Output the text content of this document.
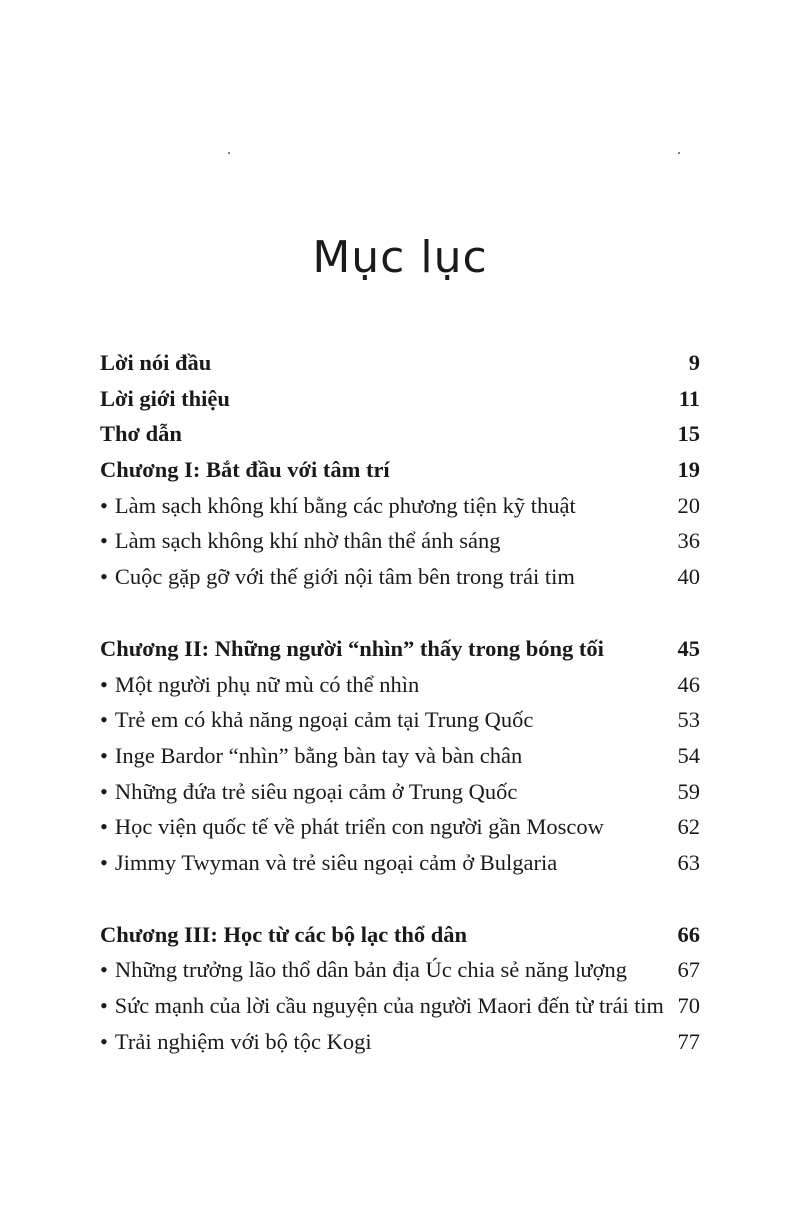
Mục lục
Lời nói đầu	9
Lời giới thiệu	11
Thơ dẫn	15
Chương I: Bắt đầu với tâm trí	19
• Làm sạch không khí bằng các phương tiện kỹ thuật	20
• Làm sạch không khí nhờ thân thể ánh sáng	36
• Cuộc gặp gỡ với thế giới nội tâm bên trong trái tim	40
Chương II: Những người “nhìn” thấy trong bóng tối	45
• Một người phụ nữ mù có thể nhìn	46
• Trẻ em có khả năng ngoại cảm tại Trung Quốc	53
• Inge Bardor “nhìn” bằng bàn tay và bàn chân	54
• Những đứa trẻ siêu ngoại cảm ở Trung Quốc	59
• Học viện quốc tế về phát triển con người gần Moscow	62
• Jimmy Twyman và trẻ siêu ngoại cảm ở Bulgaria	63
Chương III: Học từ các bộ lạc thổ dân	66
• Những trưởng lão thổ dân bản địa Úc chia sẻ năng lượng	67
• Sức mạnh của lời cầu nguyện của người Maori đến từ trái tim 70
• Trải nghiệm với bộ tộc Kogi	77
